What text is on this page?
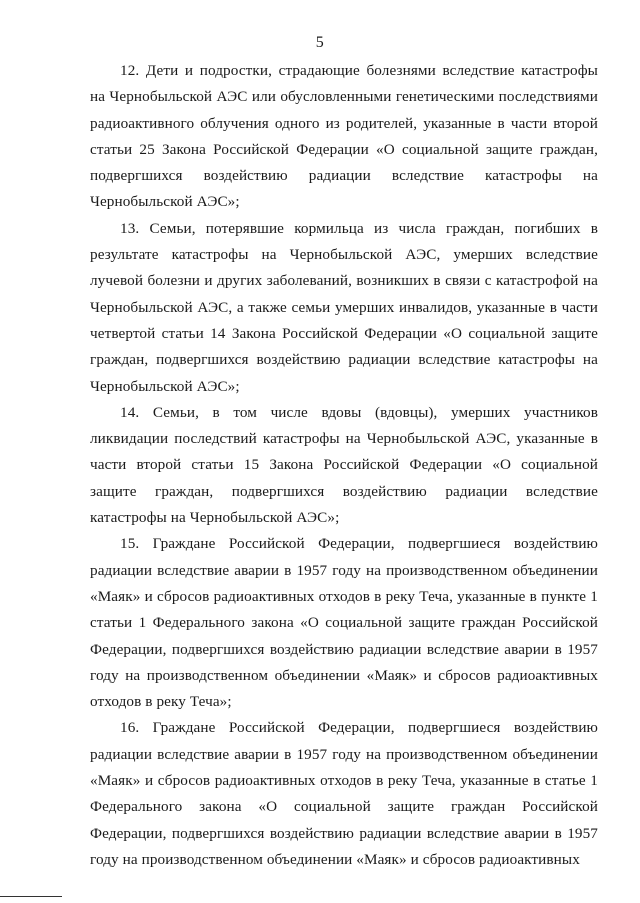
5

12. Дети и подростки, страдающие болезнями вследствие катастрофы на Чернобыльской АЭС или обусловленными генетическими последствиями радиоактивного облучения одного из родителей, указанные в части второй статьи 25 Закона Российской Федерации «О социальной защите граждан, подвергшихся воздействию радиации вследствие катастрофы на Чернобыльской АЭС»;

13. Семьи, потерявшие кормильца из числа граждан, погибших в результате катастрофы на Чернобыльской АЭС, умерших вследствие лучевой болезни и других заболеваний, возникших в связи с катастрофой на Чернобыльской АЭС, а также семьи умерших инвалидов, указанные в части четвертой статьи 14 Закона Российской Федерации «О социальной защите граждан, подвергшихся воздействию радиации вследствие катастрофы на Чернобыльской АЭС»;

14. Семьи, в том числе вдовы (вдовцы), умерших участников ликвидации последствий катастрофы на Чернобыльской АЭС, указанные в части второй статьи 15 Закона Российской Федерации «О социальной защите граждан, подвергшихся воздействию радиации вследствие катастрофы на Чернобыльской АЭС»;

15. Граждане Российской Федерации, подвергшиеся воздействию радиации вследствие аварии в 1957 году на производственном объединении «Маяк» и сбросов радиоактивных отходов в реку Теча, указанные в пункте 1 статьи 1 Федерального закона «О социальной защите граждан Российской Федерации, подвергшихся воздействию радиации вследствие аварии в 1957 году на производственном объединении «Маяк» и сбросов радиоактивных отходов в реку Теча»;

16. Граждане Российской Федерации, подвергшиеся воздействию радиации вследствие аварии в 1957 году на производственном объединении «Маяк» и сбросов радиоактивных отходов в реку Теча, указанные в статье 1 Федерального закона «О социальной защите граждан Российской Федерации, подвергшихся воздействию радиации вследствие аварии в 1957 году на производственном объединении «Маяк» и сбросов радиоактивных
